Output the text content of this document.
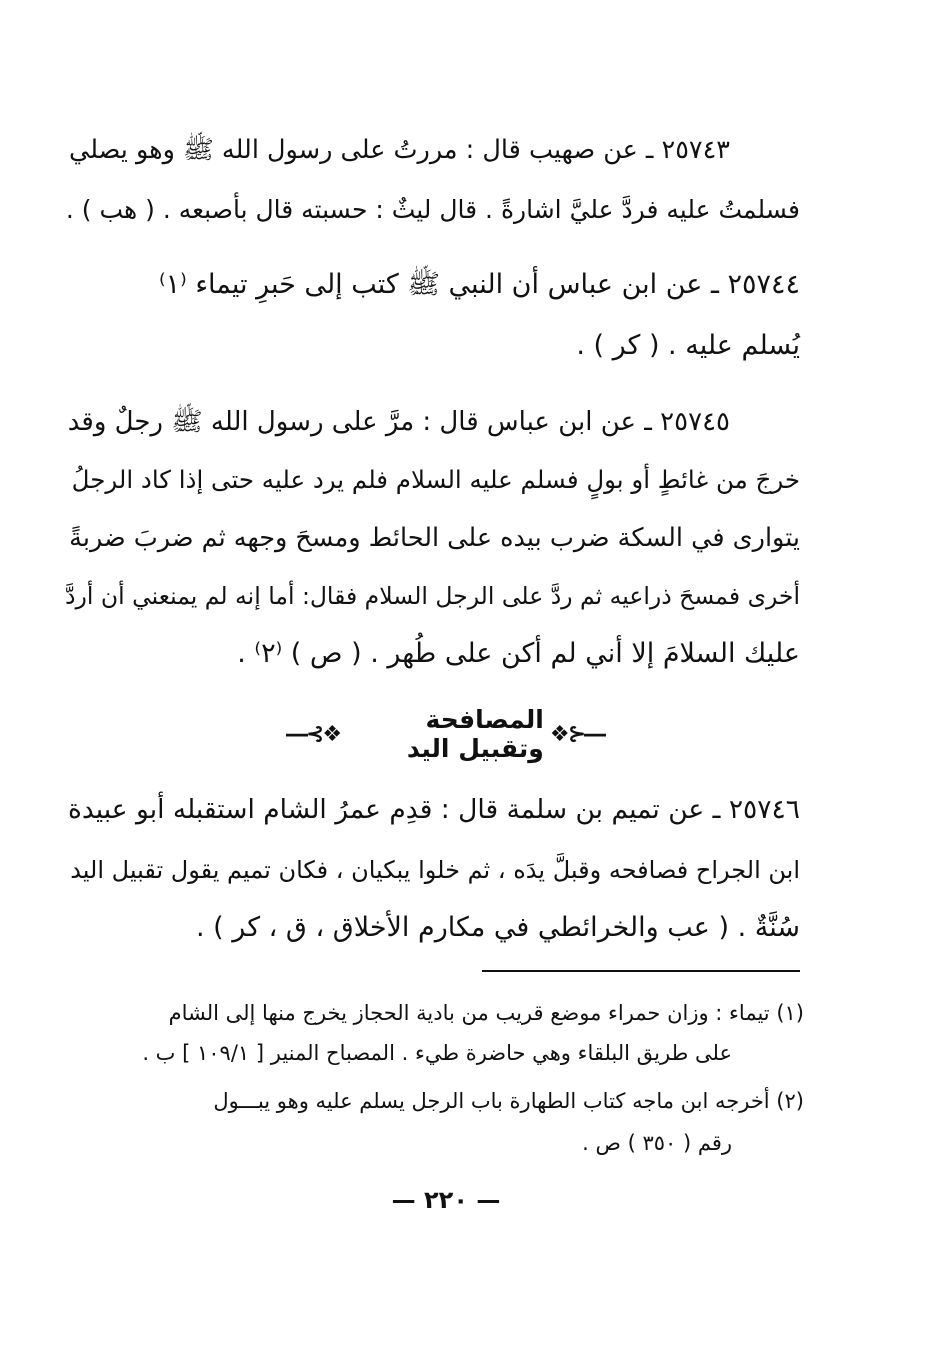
٢٥٧٤٣ ـ عن صهيب قال : مررتُ على رسول الله ﷺ وهو يصلي
فسلمتُ عليه فردَّ عليَّ اشارةً . قال ليثٌ : حسبته قال بأصبعه . ( هب ) .
٢٥٧٤٤ ـ عن ابن عباس أن النبي ﷺ كتب إلى حَبرِ تيماء ⁽١⁾
يُسلم عليه . ( كر ) .
٢٥٧٤٥ ـ عن ابن عباس قال : مرَّ على رسول الله ﷺ رجلٌ وقد
خرجَ من غائطٍ أو بولٍ فسلم عليه السلام فلم يرد عليه حتى إذا كاد الرجلُ
يتوارى في السكة ضرب بيده على الحائط ومسحَ وجهه ثم ضربَ ضربةً
أخرى فمسحَ ذراعيه ثم ردَّ على الرجل السلام فقال: أما إنه لم يمنعني أن أردَّ
عليك السلامَ إلا أني لم أكن على طُهر . ( ص ) ⁽٢⁾ .
―⊰❖
المصافحة وتقبيل اليد
❖⊱―
٢٥٧٤٦ ـ عن تميم بن سلمة قال : قدِم عمرُ الشام استقبله أبو عبيدة
ابن الجراح فصافحه وقبلَّ يدَه ، ثم خلوا يبكيان ، فكان تميم يقول تقبيل اليد
سُنَّةٌ . ( عب والخرائطي في مكارم الأخلاق ، ق ، كر ) .
(١) تيماء : وزان حمراء موضع قريب من بادية الحجاز يخرج منها إلى الشام
على طريق البلقاء وهي حاضرة طيء . المصباح المنير [ ١٠٩/١ ] ب .
(٢) أخرجه ابن ماجه كتاب الطهارة باب الرجل يسلم عليه وهو يبـــول
رقم ( ٣٥٠ ) ص .
— ٢٢٠ —
